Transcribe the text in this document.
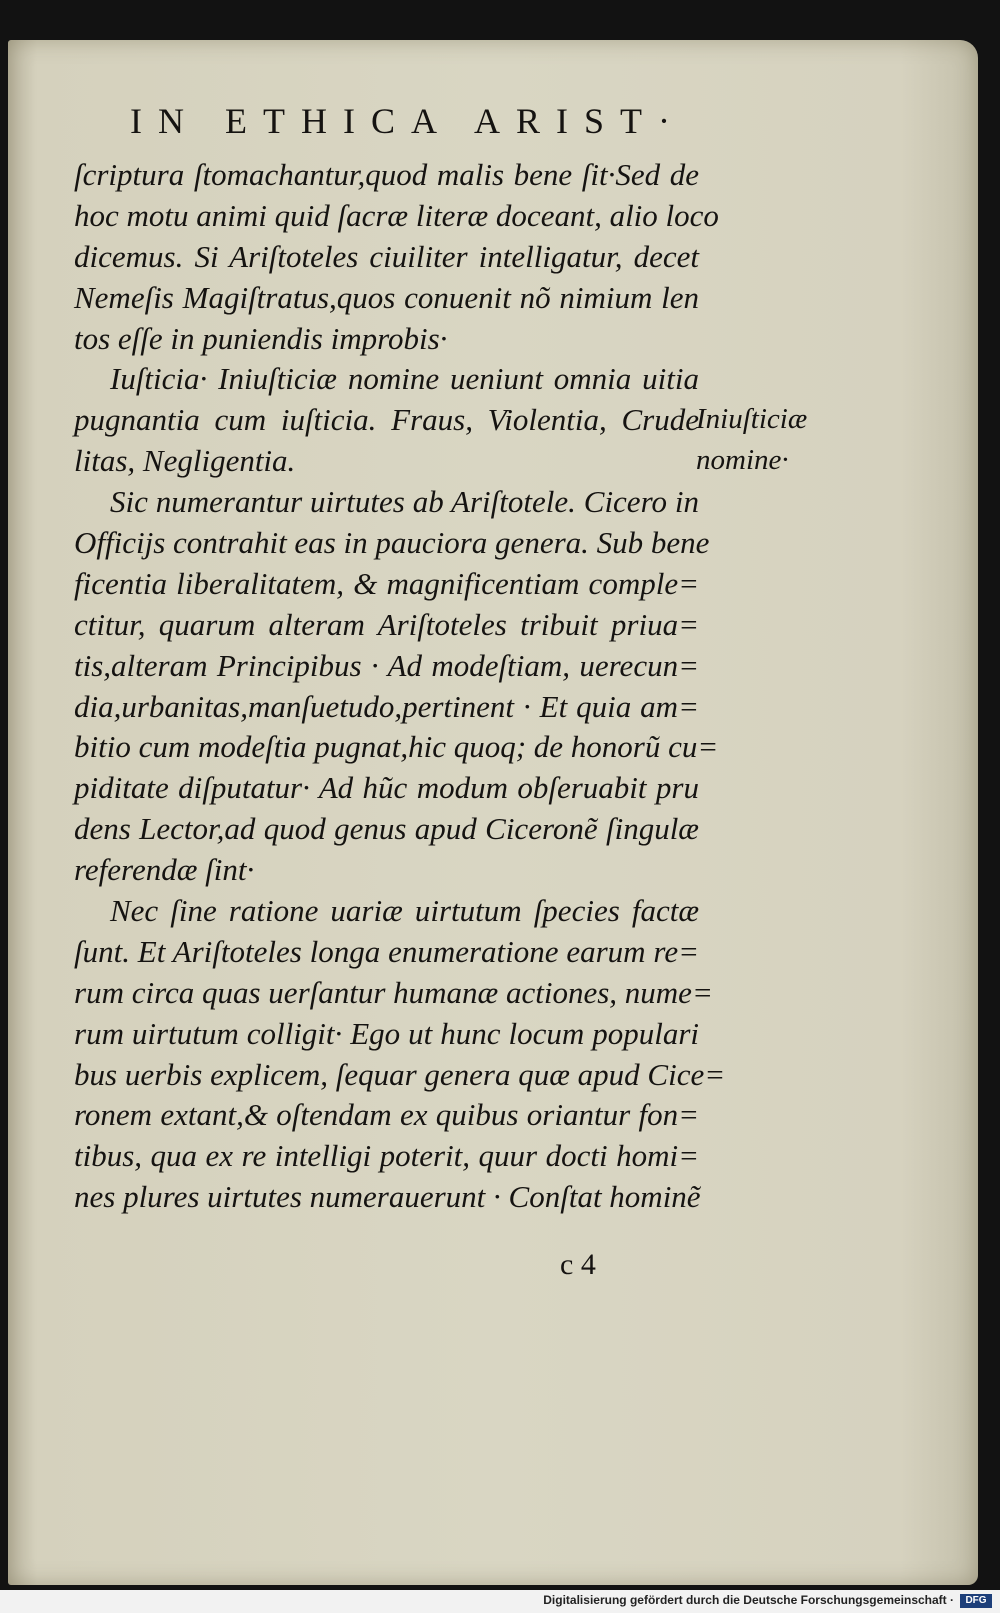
IN ETHICA ARIST·
ſcriptura ſtomachantur,quod malis bene ſit·Sed de
hoc motu animi quid ſacræ literæ doceant, alio loco
dicemus. Si Ariſtoteles ciuiliter intelligatur, decet
Nemeſis Magiſtratus,quos conuenit nõ nimium len
tos eſſe in puniendis improbis·
Iuſticia· Iniuſticiæ nomine ueniunt omnia uitia
pugnantia cum iuſticia. Fraus, Violentia, Crude
litas, Negligentia.
Sic numerantur uirtutes ab Ariſtotele. Cicero in
Officijs contrahit eas in pauciora genera. Sub bene
ficentia liberalitatem, & magnificentiam comple=
ctitur, quarum alteram Ariſtoteles tribuit priua=
tis,alteram Principibus · Ad modeſtiam, uerecun=
dia,urbanitas,manſuetudo,pertinent · Et quia am=
bitio cum modeſtia pugnat,hic quoq; de honorũ cu=
piditate diſputatur· Ad hũc modum obſeruabit pru
dens Lector,ad quod genus apud Ciceronẽ ſingulæ
referendæ ſint·
Nec ſine ratione uariæ uirtutum ſpecies factæ
ſunt. Et Ariſtoteles longa enumeratione earum re=
rum circa quas uerſantur humanæ actiones, nume=
rum uirtutum colligit· Ego ut hunc locum populari
bus uerbis explicem, ſequar genera quæ apud Cice=
ronem extant,& oſtendam ex quibus oriantur fon=
tibus, qua ex re intelligi poterit, quur docti homi=
nes plures uirtutes numerauerunt · Conſtat hominẽ
Iniuſticiæ
nomine·
c 4
Digitalisierung gefördert durch die Deutsche Forschungsgemeinschaft ·	DFG
